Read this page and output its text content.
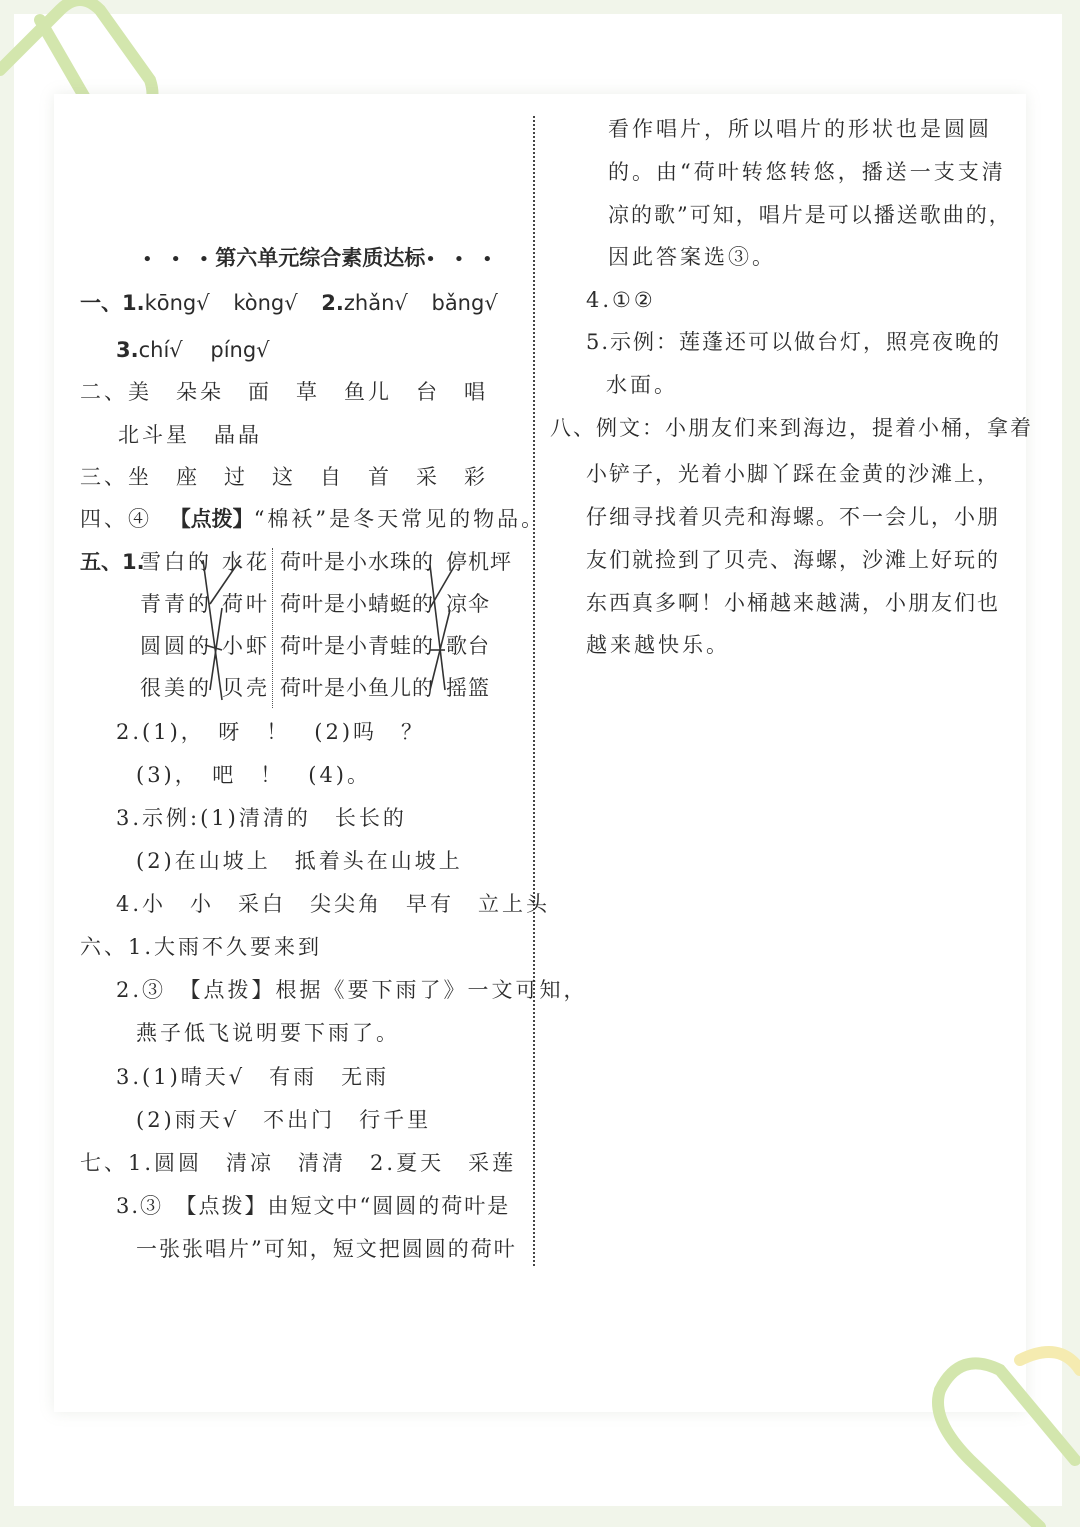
• • •第六单元综合素质达标• • •
一、1.kōng√ kòng√ 2.zhǎn√ bǎng√
3.chí√ píng√
二、美　朵朵　面　草　鱼儿　台　唱
北斗星　晶晶
三、坐　座　过　这　自　首　采　彩
四、④ 【点拨】“棉袄”是冬天常见的物品。
五、1.
雪白的
青青的
圆圆的
很美的
水花
荷叶
小虾
贝壳
荷叶是小水珠的
荷叶是小蜻蜓的
荷叶是小青蛙的
荷叶是小鱼儿的
停机坪
凉伞
歌台
摇篮
2.(1)，　呀　！　(2)吗　？
(3)，　吧　！　(4)。
3.示例:(1)清清的　长长的
(2)在山坡上　抵着头在山坡上
4.小　小　采白　尖尖角　早有　立上头
六、1.大雨不久要来到
2.③　【点拨】根据《要下雨了》一文可知，
燕子低飞说明要下雨了。
3.(1)晴天√　有雨　无雨
(2)雨天√　不出门　行千里
七、1.圆圆　清凉　清清　2.夏天　采莲
3.③　【点拨】由短文中“圆圆的荷叶是
一张张唱片”可知，短文把圆圆的荷叶
看作唱片，所以唱片的形状也是圆圆
的。由“荷叶转悠转悠，播送一支支清
凉的歌”可知，唱片是可以播送歌曲的，
因此答案选③。
4.①②
5.示例：莲蓬还可以做台灯，照亮夜晚的
水面。
八、例文：小朋友们来到海边，提着小桶，拿着
小铲子，光着小脚丫踩在金黄的沙滩上，
仔细寻找着贝壳和海螺。不一会儿，小朋
友们就捡到了贝壳、海螺，沙滩上好玩的
东西真多啊！小桶越来越满，小朋友们也
越来越快乐。
